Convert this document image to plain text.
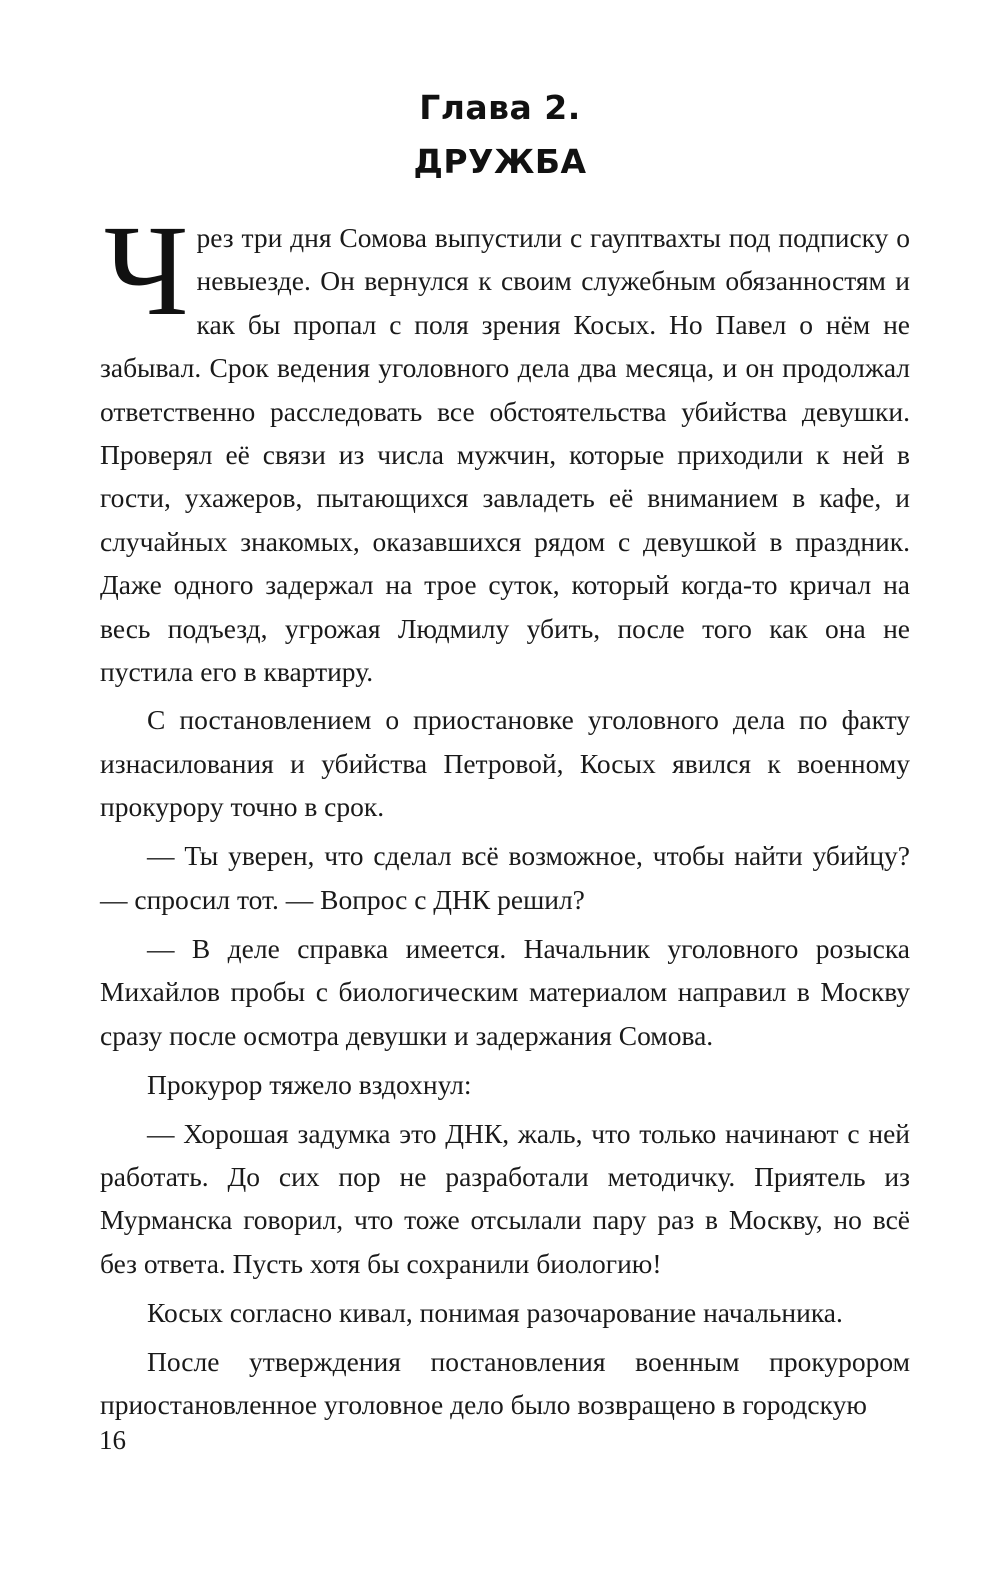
Глава 2.
ДРУЖБА

Чрез три дня Сомова выпустили с гауптвахты под подписку о невыезде. Он вернулся к своим служебным обязанностям и как бы пропал с поля зрения Косых. Но Павел о нём не забывал. Срок ведения уголовного дела два месяца, и он продолжал ответственно расследовать все обстоятельства убийства девушки. Проверял её связи из числа мужчин, которые приходили к ней в гости, ухажеров, пытающихся завладеть её вниманием в кафе, и случайных знакомых, оказавшихся рядом с девушкой в праздник. Даже одного задержал на трое суток, который когда-то кричал на весь подъезд, угрожая Людмилу убить, после того как она не пустила его в квартиру.

С постановлением о приостановке уголовного дела по факту изнасилования и убийства Петровой, Косых явился к военному прокурору точно в срок.

— Ты уверен, что сделал всё возможное, чтобы найти убийцу? — спросил тот. — Вопрос с ДНК решил?

— В деле справка имеется. Начальник уголовного розыска Михайлов пробы с биологическим материалом направил в Москву сразу после осмотра девушки и задержания Сомова.

Прокурор тяжело вздохнул:

— Хорошая задумка это ДНК, жаль, что только начинают с ней работать. До сих пор не разработали методичку. Приятель из Мурманска говорил, что тоже отсылали пару раз в Москву, но всё без ответа. Пусть хотя бы сохранили биологию!

Косых согласно кивал, понимая разочарование начальника.

После утверждения постановления военным прокурором приостановленное уголовное дело было возвращено в городскую

16
